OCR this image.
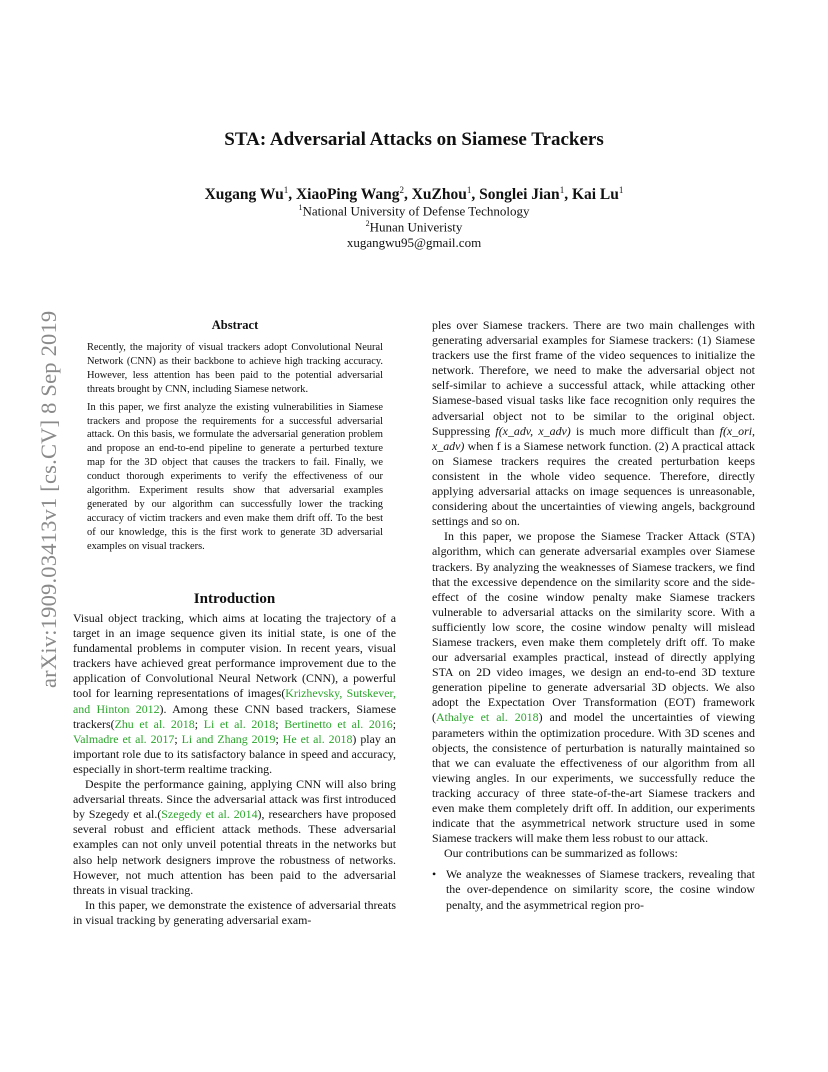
arXiv:1909.03413v1 [cs.CV] 8 Sep 2019
STA: Adversarial Attacks on Siamese Trackers
Xugang Wu$^1$, XiaoPing Wang$^2$, XuZhou$^1$, Songlei Jian$^1$, Kai Lu$^1$
$^1$National University of Defense Technology
$^2$Hunan Univeristy
xugangwu95@gmail.com
Abstract

Recently, the majority of visual trackers adopt Convolutional Neural Network (CNN) as their backbone to achieve high tracking accuracy. However, less attention has been paid to the potential adversarial threats brought by CNN, including Siamese network.

In this paper, we first analyze the existing vulnerabilities in Siamese trackers and propose the requirements for a successful adversarial attack. On this basis, we formulate the adversarial generation problem and propose an end-to-end pipeline to generate a perturbed texture map for the 3D object that causes the trackers to fail. Finally, we conduct thorough experiments to verify the effectiveness of our algorithm. Experiment results show that adversarial examples generated by our algorithm can successfully lower the tracking accuracy of victim trackers and even make them drift off. To the best of our knowledge, this is the first work to generate 3D adversarial examples on visual trackers.

Introduction

Visual object tracking, which aims at locating the trajectory of a target in an image sequence given its initial state, is one of the fundamental problems in computer vision. In recent years, visual trackers have achieved great performance improvement due to the application of Convolutional Neural Network (CNN), a powerful tool for learning representations of images(Krizhevsky, Sutskever, and Hinton 2012). Among these CNN based trackers, Siamese trackers(Zhu et al. 2018; Li et al. 2018; Bertinetto et al. 2016; Valmadre et al. 2017; Li and Zhang 2019; He et al. 2018) play an important role due to its satisfactory balance in speed and accuracy, especially in short-term realtime tracking.

Despite the performance gaining, applying CNN will also bring adversarial threats. Since the adversarial attack was first introduced by Szegedy et al.(Szegedy et al. 2014), researchers have proposed several robust and efficient attack methods. These adversarial examples can not only unveil potential threats in the networks but also help network designers improve the robustness of networks. However, not much attention has been paid to the adversarial threats in visual tracking.

In this paper, we demonstrate the existence of adversarial threats in visual tracking by generating adversarial exam-

ples over Siamese trackers. There are two main challenges with generating adversarial examples for Siamese trackers: (1) Siamese trackers use the first frame of the video sequences to initialize the network. Therefore, we need to make the adversarial object not self-similar to achieve a successful attack, while attacking other Siamese-based visual tasks like face recognition only requires the adversarial object not to be similar to the original object. Suppressing f(x_adv, x_adv) is much more difficult than f(x_ori, x_adv) when f is a Siamese network function. (2) A practical attack on Siamese trackers requires the created perturbation keeps consistent in the whole video sequence. Therefore, directly applying adversarial attacks on image sequences is unreasonable, considering about the uncertainties of viewing angels, background settings and so on.

In this paper, we propose the Siamese Tracker Attack (STA) algorithm, which can generate adversarial examples over Siamese trackers. By analyzing the weaknesses of Siamese trackers, we find that the excessive dependence on the similarity score and the side-effect of the cosine window penalty make Siamese trackers vulnerable to adversarial attacks on the similarity score. With a sufficiently low score, the cosine window penalty will mislead Siamese trackers, even make them completely drift off. To make our adversarial examples practical, instead of directly applying STA on 2D video images, we design an end-to-end 3D texture generation pipeline to generate adversarial 3D objects. We also adopt the Expectation Over Transformation (EOT) framework (Athalye et al. 2018) and model the uncertainties of viewing parameters within the optimization procedure. With 3D scenes and objects, the consistence of perturbation is naturally maintained so that we can evaluate the effectiveness of our algorithm from all viewing angles. In our experiments, we successfully reduce the tracking accuracy of three state-of-the-art Siamese trackers and even make them completely drift off. In addition, our experiments indicate that the asymmetrical network structure used in some Siamese trackers will make them less robust to our attack.

Our contributions can be summarized as follows:

• We analyze the weaknesses of Siamese trackers, revealing that the over-dependence on similarity score, the cosine window penalty, and the asymmetrical region pro-
